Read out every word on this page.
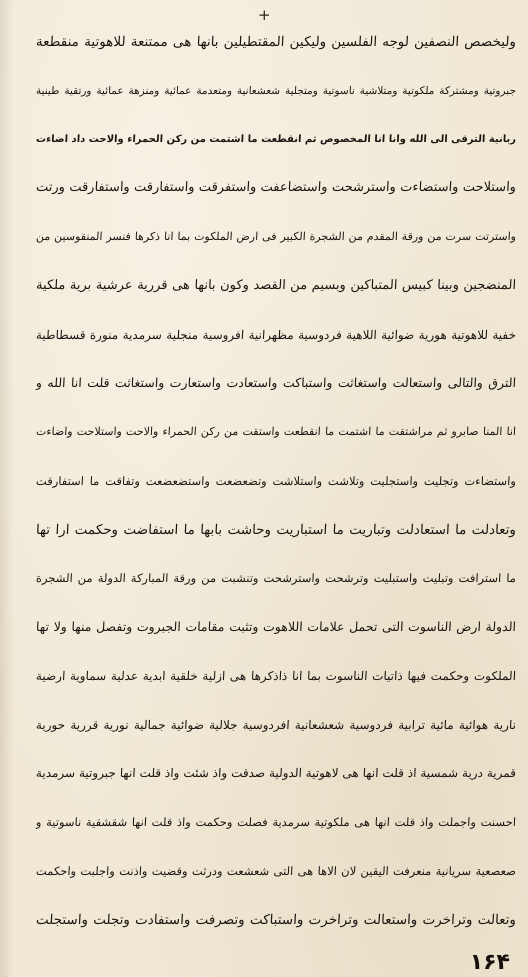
+
ولیخصص النصفین لوجه الفلسین ولیکین المقتطیلین بانها هی ممتنعة للاهوتیة منقطعة
جبروتیة ومشترکة ملکوتیة ومتلاشیة ناسوتیة ومتجلیة شعشعانیة ومتعدمة عمائیة ومنزهة عمائیة ورتقیة طینیة
ربانیة الترقی الی الله وانا انا المخصوص ثم انقطعت ما اشتمت من رکن الحمراء والاحت داد اضاءت
واستلاحت واستضاءت واسترشحت واستضاعفت واستفرقت واستفارقت واستفارقت ورتت
واسترتت سرت من ورقة المقدم من الشجرة الکبیر فی ارض الملکوت بما انا ذکرها فنسر المنقوسین من
المنضجین وبینا کبیس المتباکین وبسیم من القصد وکون بانها هی قرریة عرشیة بریة ملکیة
خفیة للاهوتیة هوریة ضوائیة اللاهیة فردوسیة مظهرانیة افروسیة منجلیة سرمدیة منورة قسطاطیة
الترق والتالی واستعالت واستغاثت واستباکت واستعادت واستعارت واستغاثت قلت انا الله و
انا المنا صابرو ثم مراشتقت ما اشتمت ما انقطعت واستقت من رکن الحمراء والاحت واستلاحت واضاءت
واستضاءت وتجلیت واستجلیت وتلاشت واستلاشت وتضعضعت واستضعضعت وتفاقت ما استفارقت
وتعادلت ما استعادلت وتباریت ما استباریت وحاشت بابها ما استفاضت وحکمت ارا تها
ما استرافت وتبلیت واستبلیت وترشحت واسترشحت وتنشبت من ورقة المبارکة الدولة من الشجرة
الدولة ارض الناسوت التی تحمل علامات اللاهوت وتثبت مقامات الجبروت وتفصل منها ولا تها
الملکوت وحکمت فیها ذاتیات الناسوت بما انا ذاذکرها هی ازلیة خلقیة ابدیة عدلیة سماویة ارضیة
ناریة هوائیة مائیة ترابیة فردوسیة شعشعانیة افردوسیة جلالیة ضوائیة جمالیة نوریة قرریة حوریة
قمریة دریة شمسیة اذ قلت انها هی لاهوتیة الدولیة صدقت واذ شئت واذ قلت انها جبروتیة سرمدیة
احسنت واجملت واذ قلت انها هی ملکوتیة سرمدیة فصلت وحکمت واذ قلت انها شقشقیة ناسوتیة و
صعصعیة سریانیة منعرفت الیقین لان الاها هی التی شعشعت ودرثت وقضیت واذنت واجلبت واحکمت
وتعالت وتراخرت واستعالت وتراخرت واستباکت وتصرفت واستفادت وتجلت واستجلت
۱۶۴
